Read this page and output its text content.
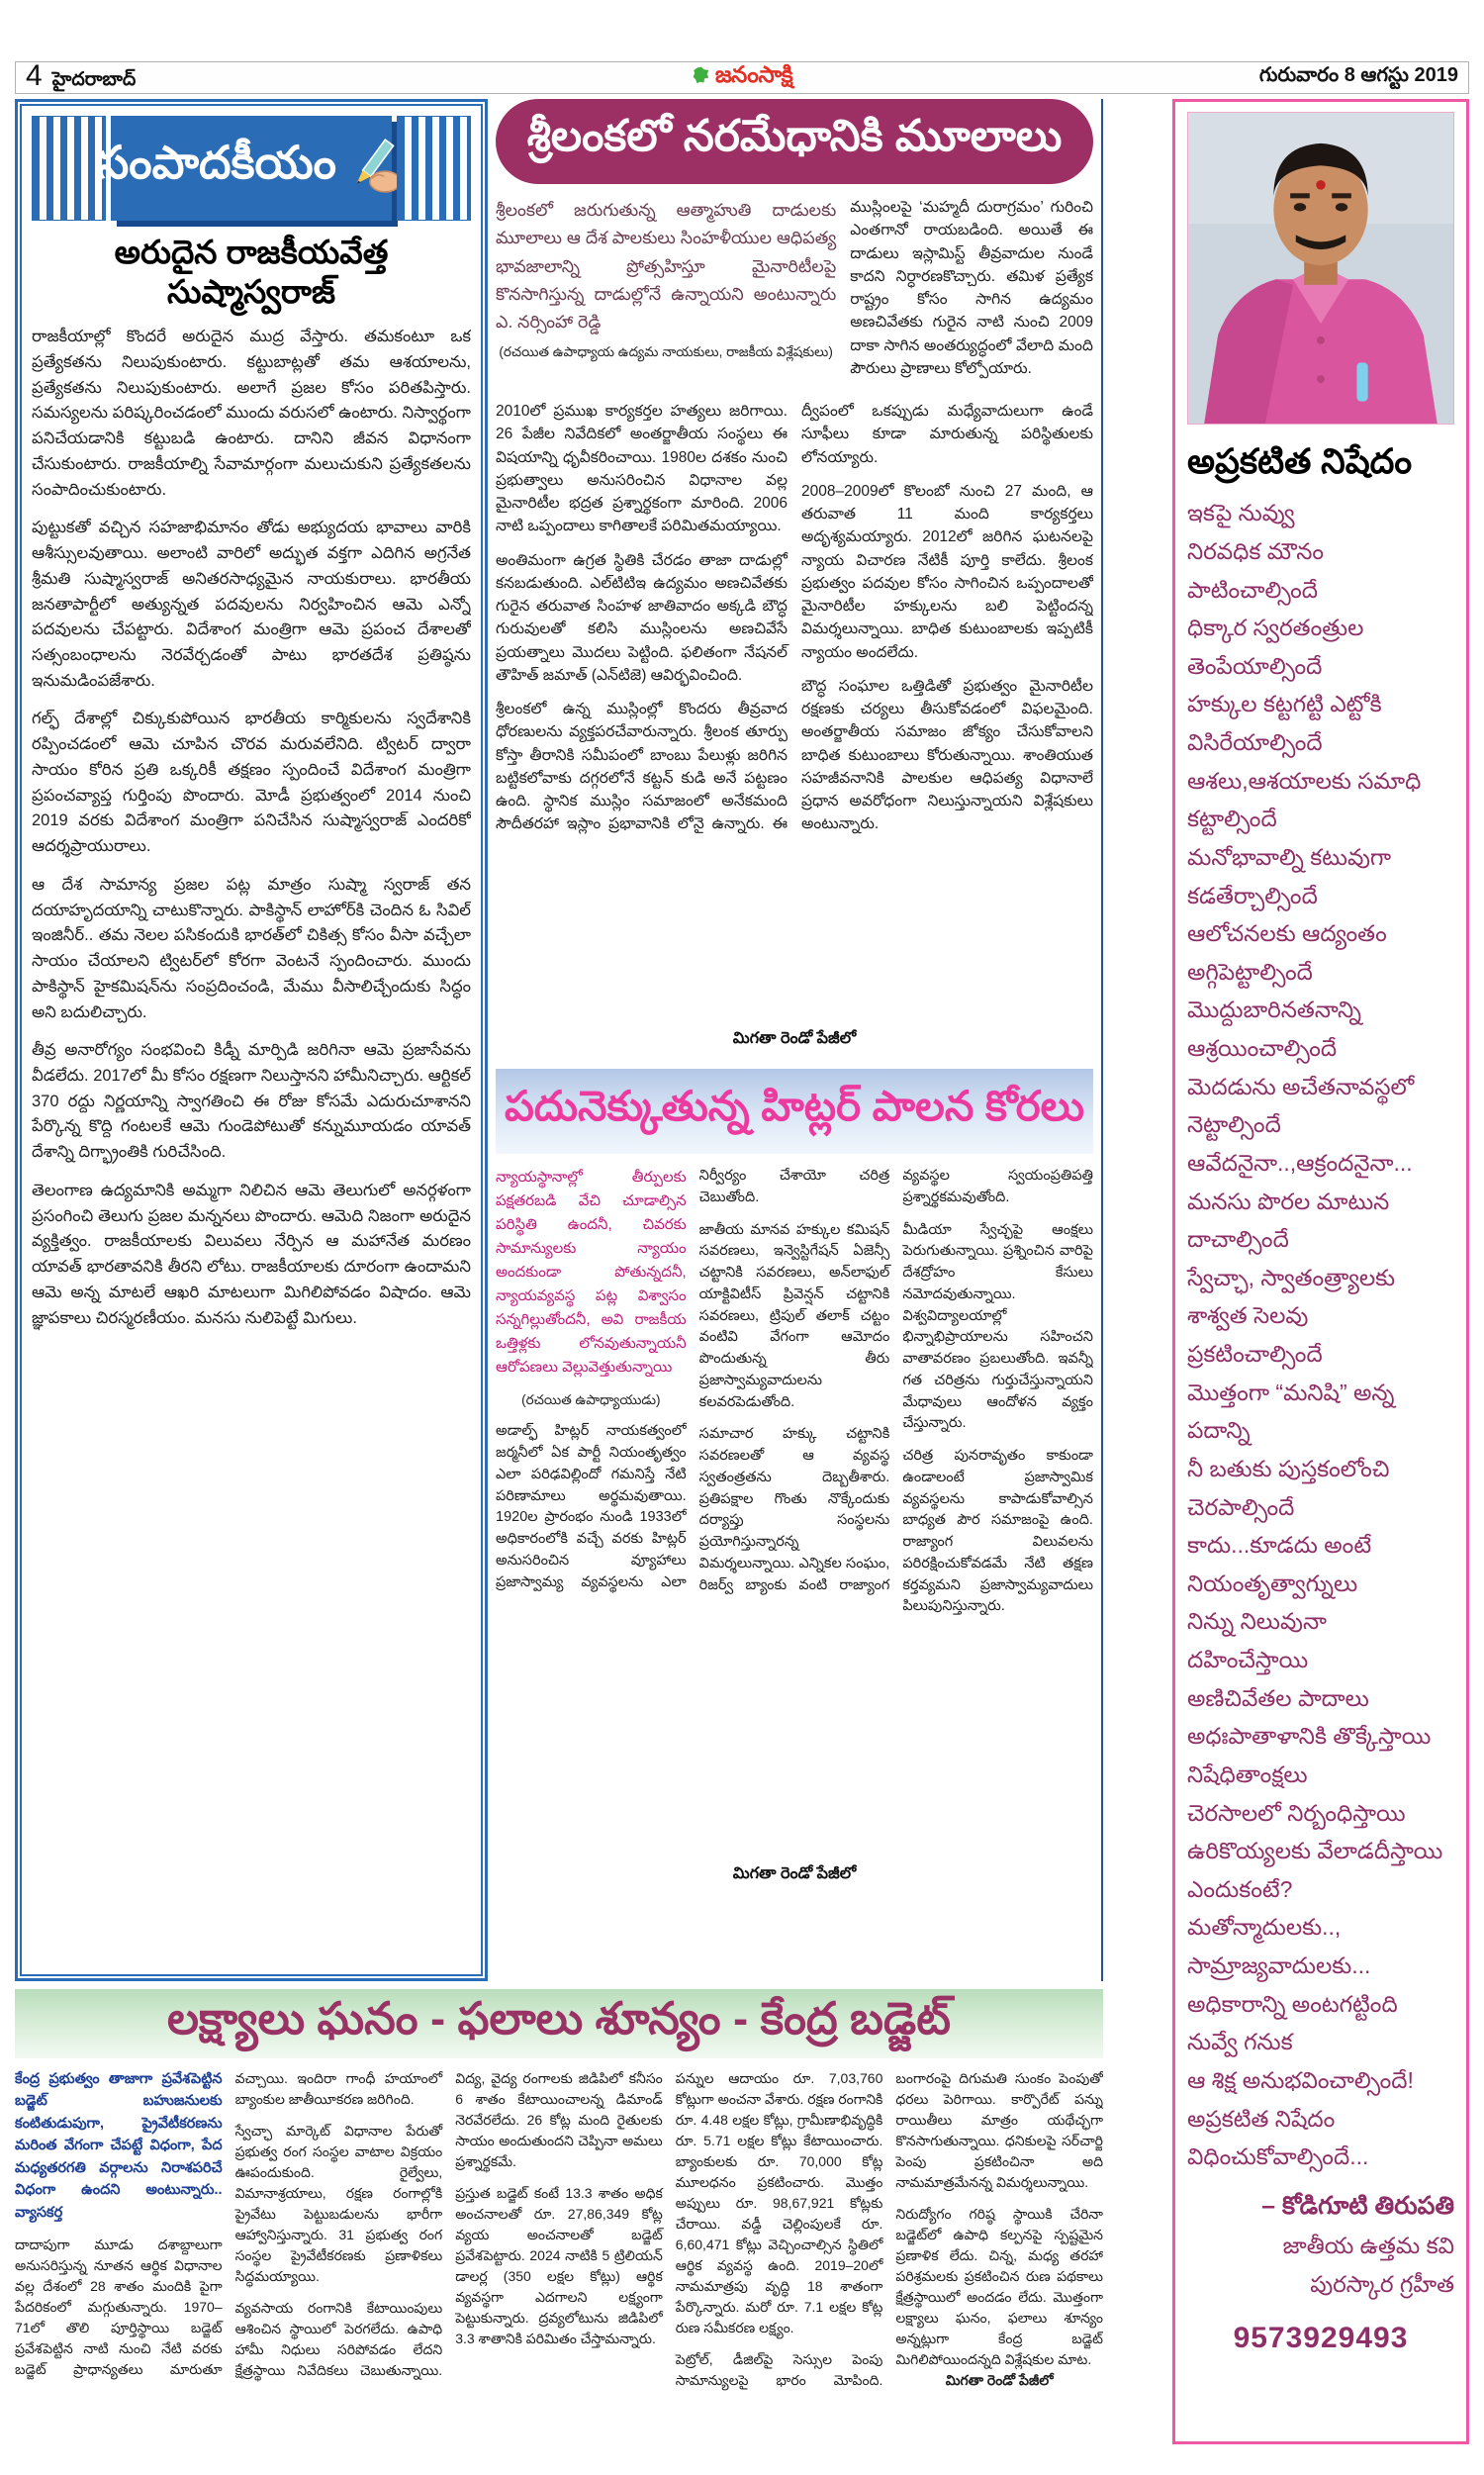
4 హైదరాబాద్	జనంసాక్షి	గురువారం 8 ఆగస్టు 2019
సంపాదకీయం
అరుదైన రాజకీయవేత్త సుష్మాస్వరాజ్

రాజకీయాల్లో కొందరే అరుదైన ముద్ర వేస్తారు. తమకంటూ ఒక ప్రత్యేకతను నిలుపుకుంటారు. కట్టుబాట్లతో తమ ఆశయాలను, ప్రత్యేకతను నిలుపుకుంటారు. అలాగే ప్రజల కోసం పరితపిస్తారు. సమస్యలను పరిష్కరించడంలో ముందు వరుసలో ఉంటారు. నిస్వార్థంగా పనిచేయడానికి కట్టుబడి ఉంటారు. దానిని జీవన విధానంగా చేసుకుంటారు. రాజకీయాల్ని సేవామార్గంగా మలుచుకుని ప్రత్యేకతలను సంపాదించుకుంటారు.

పుట్టుకతో వచ్చిన సహజాభిమానం తోడు అభ్యుదయ భావాలు వారికి ఆశీస్సులవుతాయి. అలాంటి వారిలో అద్భుత వక్తగా ఎదిగిన అగ్రనేత శ్రీమతి సుష్మాస్వరాజ్ అనితరసాధ్యమైన నాయకురాలు. భారతీయ జనతాపార్టీలో అత్యున్నత పదవులను నిర్వహించిన ఆమె ఎన్నో పదవులను చేపట్టారు. విదేశాంగ మంత్రిగా ఆమె ప్రపంచ దేశాలతో సత్సంబంధాలను నెరవేర్చడంతో పాటు భారతదేశ ప్రతిష్ఠను ఇనుమడింపజేశారు.

గల్ఫ్ దేశాల్లో చిక్కుకుపోయిన భారతీయ కార్మికులను స్వదేశానికి రప్పించడంలో ఆమె చూపిన చొరవ మరువలేనిది. ట్విటర్ ద్వారా సాయం కోరిన ప్రతి ఒక్కరికీ తక్షణం స్పందించే విదేశాంగ మంత్రిగా ప్రపంచవ్యాప్త గుర్తింపు పొందారు. మోడీ ప్రభుత్వంలో 2014 నుంచి 2019 వరకు విదేశాంగ మంత్రిగా పనిచేసిన సుష్మాస్వరాజ్ ఎందరికో ఆదర్శప్రాయురాలు.

ఆ దేశ సామాన్య ప్రజల పట్ల మాత్రం సుష్మా స్వరాజ్ తన దయాహృదయాన్ని చాటుకొన్నారు. పాకిస్థాన్ లాహోర్‌కి చెందిన ఓ సివిల్ ఇంజినీర్.. తమ నెలల పసికందుకి భారత్‌లో చికిత్స కోసం వీసా వచ్చేలా సాయం చేయాలని ట్విటర్‌లో కోరగా వెంటనే స్పందించారు. ముందు పాకిస్థాన్ హైకమిషన్‌ను సంప్రదించండి, మేము వీసాలిచ్చేందుకు సిద్ధం అని బదులిచ్చారు.

తీవ్ర అనారోగ్యం సంభవించి కిడ్నీ మార్పిడి జరిగినా ఆమె ప్రజాసేవను వీడలేదు. 2017లో మీ కోసం రక్షణగా నిలుస్తానని హామీనిచ్చారు. ఆర్టికల్ 370 రద్దు నిర్ణయాన్ని స్వాగతించి ఈ రోజు కోసమే ఎదురుచూశానని పేర్కొన్న కొద్ది గంటలకే ఆమె గుండెపోటుతో కన్నుమూయడం యావత్ దేశాన్ని దిగ్భ్రాంతికి గురిచేసింది.

తెలంగాణ ఉద్యమానికి అమ్మగా నిలిచిన ఆమె తెలుగులో అనర్గళంగా ప్రసంగించి తెలుగు ప్రజల మన్ననలు పొందారు. ఆమెది నిజంగా అరుదైన వ్యక్తిత్వం. రాజకీయాలకు విలువలు నేర్పిన ఆ మహానేత మరణం యావత్ భారతావనికి తీరని లోటు. రాజకీయాలకు దూరంగా ఉందామని ఆమె అన్న మాటలే ఆఖరి మాటలుగా మిగిలిపోవడం విషాదం. ఆమె జ్ఞాపకాలు చిరస్మరణీయం. మనసు నులిపెట్టే మిగులు.

శ్రీలంకలో నరమేధానికి మూలాలు

శ్రీలంకలో జరుగుతున్న ఆత్మాహుతి దాడులకు మూలాలు ఆ దేశ పాలకులు సింహళీయుల ఆధిపత్య భావజాలాన్ని ప్రోత్సహిస్తూ మైనారిటీలపై కొనసాగిస్తున్న దాడుల్లోనే ఉన్నాయని అంటున్నారు ఎ. నర్సింహా రెడ్డి

(రచయిత ఉపాధ్యాయ ఉద్యమ నాయకులు, రాజకీయ విశ్లేషకులు)

ముస్లింలపై ‘మహ్మదీ దురాగ్రమం’ గురించి ఎంతగానో రాయబడింది. అయితే ఈ దాడులు ఇస్లామిస్ట్ తీవ్రవాదుల నుండే కాదని నిర్ధారణకొచ్చారు. తమిళ ప్రత్యేక రాష్ట్రం కోసం సాగిన ఉద్యమం అణచివేతకు గురైన నాటి నుంచి 2009 దాకా సాగిన అంతర్యుద్ధంలో వేలాది మంది పౌరులు ప్రాణాలు కోల్పోయారు.

2010లో ప్రముఖ కార్యకర్తల హత్యలు జరిగాయి. 26 పేజీల నివేదికలో అంతర్జాతీయ సంస్థలు ఈ విషయాన్ని ధృవీకరించాయి. 1980ల దశకం నుంచి ప్రభుత్వాలు అనుసరించిన విధానాల వల్ల మైనారిటీల భద్రత ప్రశ్నార్థకంగా మారింది. 2006 నాటి ఒప్పందాలు కాగితాలకే పరిమితమయ్యాయి.

అంతిమంగా ఉగ్రత స్థితికి చేరడం తాజా దాడుల్లో కనబడుతుంది. ఎల్‌టిటిఇ ఉద్యమం అణచివేతకు గురైన తరువాత సింహళ జాతివాదం అక్కడి బౌద్ధ గురువులతో కలిసి ముస్లింలను అణచివేసే ప్రయత్నాలు మొదలు పెట్టింది. ఫలితంగా నేషనల్ తౌహిత్ జమాత్ (ఎన్‌టిజె) ఆవిర్భవించింది.

శ్రీలంకలో ఉన్న ముస్లింల్లో కొందరు తీవ్రవాద ధోరణులను వ్యక్తపరచేవారున్నారు. శ్రీలంక తూర్పు కోస్తా తీరానికి సమీపంలో బాంబు పేలుళ్లు జరిగిన బట్టికలోవాకు దగ్గరలోనే కట్టన్ కుడి అనే పట్టణం ఉంది. స్థానిక ముస్లిం సమాజంలో అనేకమంది సౌదీతరహా ఇస్లాం ప్రభావానికి లోనై ఉన్నారు. ఈ ద్వీపంలో ఒకప్పుడు మధ్యేవాదులుగా ఉండే సూఫీలు కూడా మారుతున్న పరిస్థితులకు లోనయ్యారు.

2008–2009లో కొలంబో నుంచి 27 మంది, ఆ తరువాత 11 మంది కార్యకర్తలు అదృశ్యమయ్యారు. 2012లో జరిగిన ఘటనలపై న్యాయ విచారణ నేటికీ పూర్తి కాలేదు. శ్రీలంక ప్రభుత్వం పదవుల కోసం సాగించిన ఒప్పందాలతో మైనారిటీల హక్కులను బలి పెట్టిందన్న విమర్శలున్నాయి. బాధిత కుటుంబాలకు ఇప్పటికీ న్యాయం అందలేదు.

బౌద్ధ సంఘాల ఒత్తిడితో ప్రభుత్వం మైనారిటీల రక్షణకు చర్యలు తీసుకోవడంలో విఫలమైంది. అంతర్జాతీయ సమాజం జోక్యం చేసుకోవాలని బాధిత కుటుంబాలు కోరుతున్నాయి. శాంతియుత సహజీవనానికి పాలకుల ఆధిపత్య విధానాలే ప్రధాన అవరోధంగా నిలుస్తున్నాయని విశ్లేషకులు అంటున్నారు.

మిగతా రెండో పేజీలో
పదునెక్కుతున్న హిట్లర్ పాలన కోరలు

న్యాయస్థానాల్లో తీర్పులకు పక్షతరబడి వేచి చూడాల్సిన పరిస్థితి ఉందనీ, చివరకు సామాన్యులకు న్యాయం అందకుండా పోతున్నదనీ, న్యాయవ్యవస్థ పట్ల విశ్వాసం సన్నగిల్లుతోందనీ, అవి రాజకీయ ఒత్తిళ్లకు లోనవుతున్నాయనీ ఆరోపణలు వెల్లువెత్తుతున్నాయి

(రచయిత ఉపాధ్యాయుడు)

అడాల్ఫ్ హిట్లర్ నాయకత్వంలో జర్మనీలో ఏక పార్టీ నియంతృత్వం ఎలా పరిఢవిల్లిందో గమనిస్తే నేటి పరిణామాలు అర్థమవుతాయి. 1920ల ప్రారంభం నుండి 1933లో అధికారంలోకి వచ్చే వరకు హిట్లర్ అనుసరించిన వ్యూహాలు ప్రజాస్వామ్య వ్యవస్థలను ఎలా నిర్వీర్యం చేశాయో చరిత్ర చెబుతోంది.

జాతీయ మానవ హక్కుల కమిషన్ సవరణలు, ఇన్వెస్టిగేషన్ ఏజెన్సీ చట్టానికి సవరణలు, అన్‌లాఫుల్ యాక్టివిటీస్ ప్రివెన్షన్ చట్టానికి సవరణలు, ట్రిపుల్ తలాక్ చట్టం వంటివి వేగంగా ఆమోదం పొందుతున్న తీరు ప్రజాస్వామ్యవాదులను కలవరపెడుతోంది.

సమాచార హక్కు చట్టానికి సవరణలతో ఆ వ్యవస్థ స్వతంత్రతను దెబ్బతీశారు. ప్రతిపక్షాల గొంతు నొక్కేందుకు దర్యాప్తు సంస్థలను ప్రయోగిస్తున్నారన్న విమర్శలున్నాయి. ఎన్నికల సంఘం, రిజర్వ్ బ్యాంకు వంటి రాజ్యాంగ వ్యవస్థల స్వయంప్రతిపత్తి ప్రశ్నార్థకమవుతోంది.

మీడియా స్వేచ్ఛపై ఆంక్షలు పెరుగుతున్నాయి. ప్రశ్నించిన వారిపై దేశద్రోహం కేసులు నమోదవుతున్నాయి. విశ్వవిద్యాలయాల్లో భిన్నాభిప్రాయాలను సహించని వాతావరణం ప్రబలుతోంది. ఇవన్నీ గత చరిత్రను గుర్తుచేస్తున్నాయని మేధావులు ఆందోళన వ్యక్తం చేస్తున్నారు.

చరిత్ర పునరావృతం కాకుండా ఉండాలంటే ప్రజాస్వామిక వ్యవస్థలను కాపాడుకోవాల్సిన బాధ్యత పౌర సమాజంపై ఉంది. రాజ్యాంగ విలువలను పరిరక్షించుకోవడమే నేటి తక్షణ కర్తవ్యమని ప్రజాస్వామ్యవాదులు పిలుపునిస్తున్నారు.

మిగతా రెండో పేజీలో
అప్రకటిత నిషేదం
ఇకపై నువ్వు
నిరవధిక మౌనం
పాటించాల్సిందే
ధిక్కార స్వరతంత్రుల
తెంపేయాల్సిందే
హక్కుల కట్టగట్టి ఎట్టోకి
విసిరేయాల్సిందే
ఆశలు,ఆశయాలకు సమాధి
కట్టాల్సిందే
మనోభావాల్ని కటువుగా
కడతేర్చాల్సిందే
ఆలోచనలకు ఆద్యంతం
అగ్గిపెట్టాల్సిందే
మొద్దుబారినతనాన్ని
ఆశ్రయించాల్సిందే
మెదడును అచేతనావస్థలో
నెట్టాల్సిందే
ఆవేదనైనా..,ఆక్రందనైనా...
మనసు పొరల మాటున
దాచాల్సిందే
స్వేచ్ఛా, స్వాతంత్ర్యాలకు
శాశ్వత సెలవు
ప్రకటించాల్సిందే
మొత్తంగా “మనిషి” అన్న
పదాన్ని
నీ బతుకు పుస్తకంలోంచి
చెరపాల్సిందే
కాదు...కూడదు అంటే
నియంతృత్వాగ్నులు
నిన్ను నిలువునా
దహించేస్తాయి
అణిచివేతల పాదాలు
అధఃపాతాళానికి తొక్కేస్తాయి
నిషేధితాంక్షలు
చెరసాలలో నిర్బంధిస్తాయి
ఉరికొయ్యలకు వేలాడదీస్తాయి
ఎందుకంటే?
మతోన్మాదులకు..,
సామ్రాజ్యవాదులకు...
అధికారాన్ని అంటగట్టింది
నువ్వే గనుక
ఆ శిక్ష అనుభవించాల్సిందే!
అప్రకటిత నిషేదం
విధించుకోవాల్సిందే...
– కోడిగూటి తిరుపతి
జాతీయ ఉత్తమ కవి
పురస్కార గ్రహీత
9573929493
లక్ష్యాలు ఘనం - ఫలాలు శూన్యం - కేంద్ర బడ్జెట్

కేంద్ర ప్రభుత్వం తాజాగా ప్రవేశపెట్టిన బడ్జెట్ బహుజనులకు కంటితుడుపుగా, ప్రైవేటీకరణను మరింత వేగంగా చేపట్టే విధంగా, పేద మధ్యతరగతి వర్గాలను నిరాశపరిచే విధంగా ఉందని అంటున్నారు.. వ్యాసకర్త

దాదాపుగా మూడు దశాబ్దాలుగా అనుసరిస్తున్న నూతన ఆర్థిక విధానాల వల్ల దేశంలో 28 శాతం మందికి పైగా పేదరికంలో మగ్గుతున్నారు. 1970–71లో తొలి పూర్తిస్థాయి బడ్జెట్ ప్రవేశపెట్టిన నాటి నుంచి నేటి వరకు బడ్జెట్ ప్రాధాన్యతలు మారుతూ వచ్చాయి. ఇందిరా గాంధీ హయాంలో బ్యాంకుల జాతీయీకరణ జరిగింది.

స్వేచ్ఛా మార్కెట్ విధానాల పేరుతో ప్రభుత్వ రంగ సంస్థల వాటాల విక్రయం ఊపందుకుంది. రైల్వేలు, విమానాశ్రయాలు, రక్షణ రంగాల్లోకి ప్రైవేటు పెట్టుబడులను భారీగా ఆహ్వానిస్తున్నారు. 31 ప్రభుత్వ రంగ సంస్థల ప్రైవేటీకరణకు ప్రణాళికలు సిద్ధమయ్యాయి.

వ్యవసాయ రంగానికి కేటాయింపులు ఆశించిన స్థాయిలో పెరగలేదు. ఉపాధి హామీ నిధులు సరిపోవడం లేదని క్షేత్రస్థాయి నివేదికలు చెబుతున్నాయి. విద్య, వైద్య రంగాలకు జిడిపిలో కనీసం 6 శాతం కేటాయించాలన్న డిమాండ్ నెరవేరలేదు. 26 కోట్ల మంది రైతులకు సాయం అందుతుందని చెప్పినా అమలు ప్రశ్నార్థకమే.

ప్రస్తుత బడ్జెట్ కంటే 13.3 శాతం అధిక అంచనాలతో రూ. 27,86,349 కోట్ల వ్యయ అంచనాలతో బడ్జెట్ ప్రవేశపెట్టారు. 2024 నాటికి 5 ట్రిలియన్ డాలర్ల (350 లక్షల కోట్లు) ఆర్థిక వ్యవస్థగా ఎదగాలని లక్ష్యంగా పెట్టుకున్నారు. ద్రవ్యలోటును జిడిపిలో 3.3 శాతానికి పరిమితం చేస్తామన్నారు.

పన్నుల ఆదాయం రూ. 7,03,760 కోట్లుగా అంచనా వేశారు. రక్షణ రంగానికి రూ. 4.48 లక్షల కోట్లు, గ్రామీణాభివృద్ధికి రూ. 5.71 లక్షల కోట్లు కేటాయించారు. బ్యాంకులకు రూ. 70,000 కోట్ల మూలధనం ప్రకటించారు. మొత్తం అప్పులు రూ. 98,67,921 కోట్లకు చేరాయి. వడ్డీ చెల్లింపులకే రూ. 6,60,471 కోట్లు వెచ్చించాల్సిన స్థితిలో ఆర్థిక వ్యవస్థ ఉంది. 2019–20లో నామమాత్రపు వృద్ధి 18 శాతంగా పేర్కొన్నారు. మరో రూ. 7.1 లక్షల కోట్ల రుణ సమీకరణ లక్ష్యం.

పెట్రోల్, డీజిల్‌పై సెస్సుల పెంపు సామాన్యులపై భారం మోపింది. బంగారంపై దిగుమతి సుంకం పెంపుతో ధరలు పెరిగాయి. కార్పొరేట్ పన్ను రాయితీలు మాత్రం యథేచ్ఛగా కొనసాగుతున్నాయి. ధనికులపై సర్‌చార్జి పెంపు ప్రకటించినా అది నామమాత్రమేనన్న విమర్శలున్నాయి.

నిరుద్యోగం గరిష్ఠ స్థాయికి చేరినా బడ్జెట్‌లో ఉపాధి కల్పనపై స్పష్టమైన ప్రణాళిక లేదు. చిన్న, మధ్య తరహా పరిశ్రమలకు ప్రకటించిన రుణ పథకాలు క్షేత్రస్థాయిలో అందడం లేదు. మొత్తంగా లక్ష్యాలు ఘనం, ఫలాలు శూన్యం అన్నట్లుగా కేంద్ర బడ్జెట్ మిగిలిపోయిందన్నది విశ్లేషకుల మాట.

మిగతా రెండో పేజీలో
